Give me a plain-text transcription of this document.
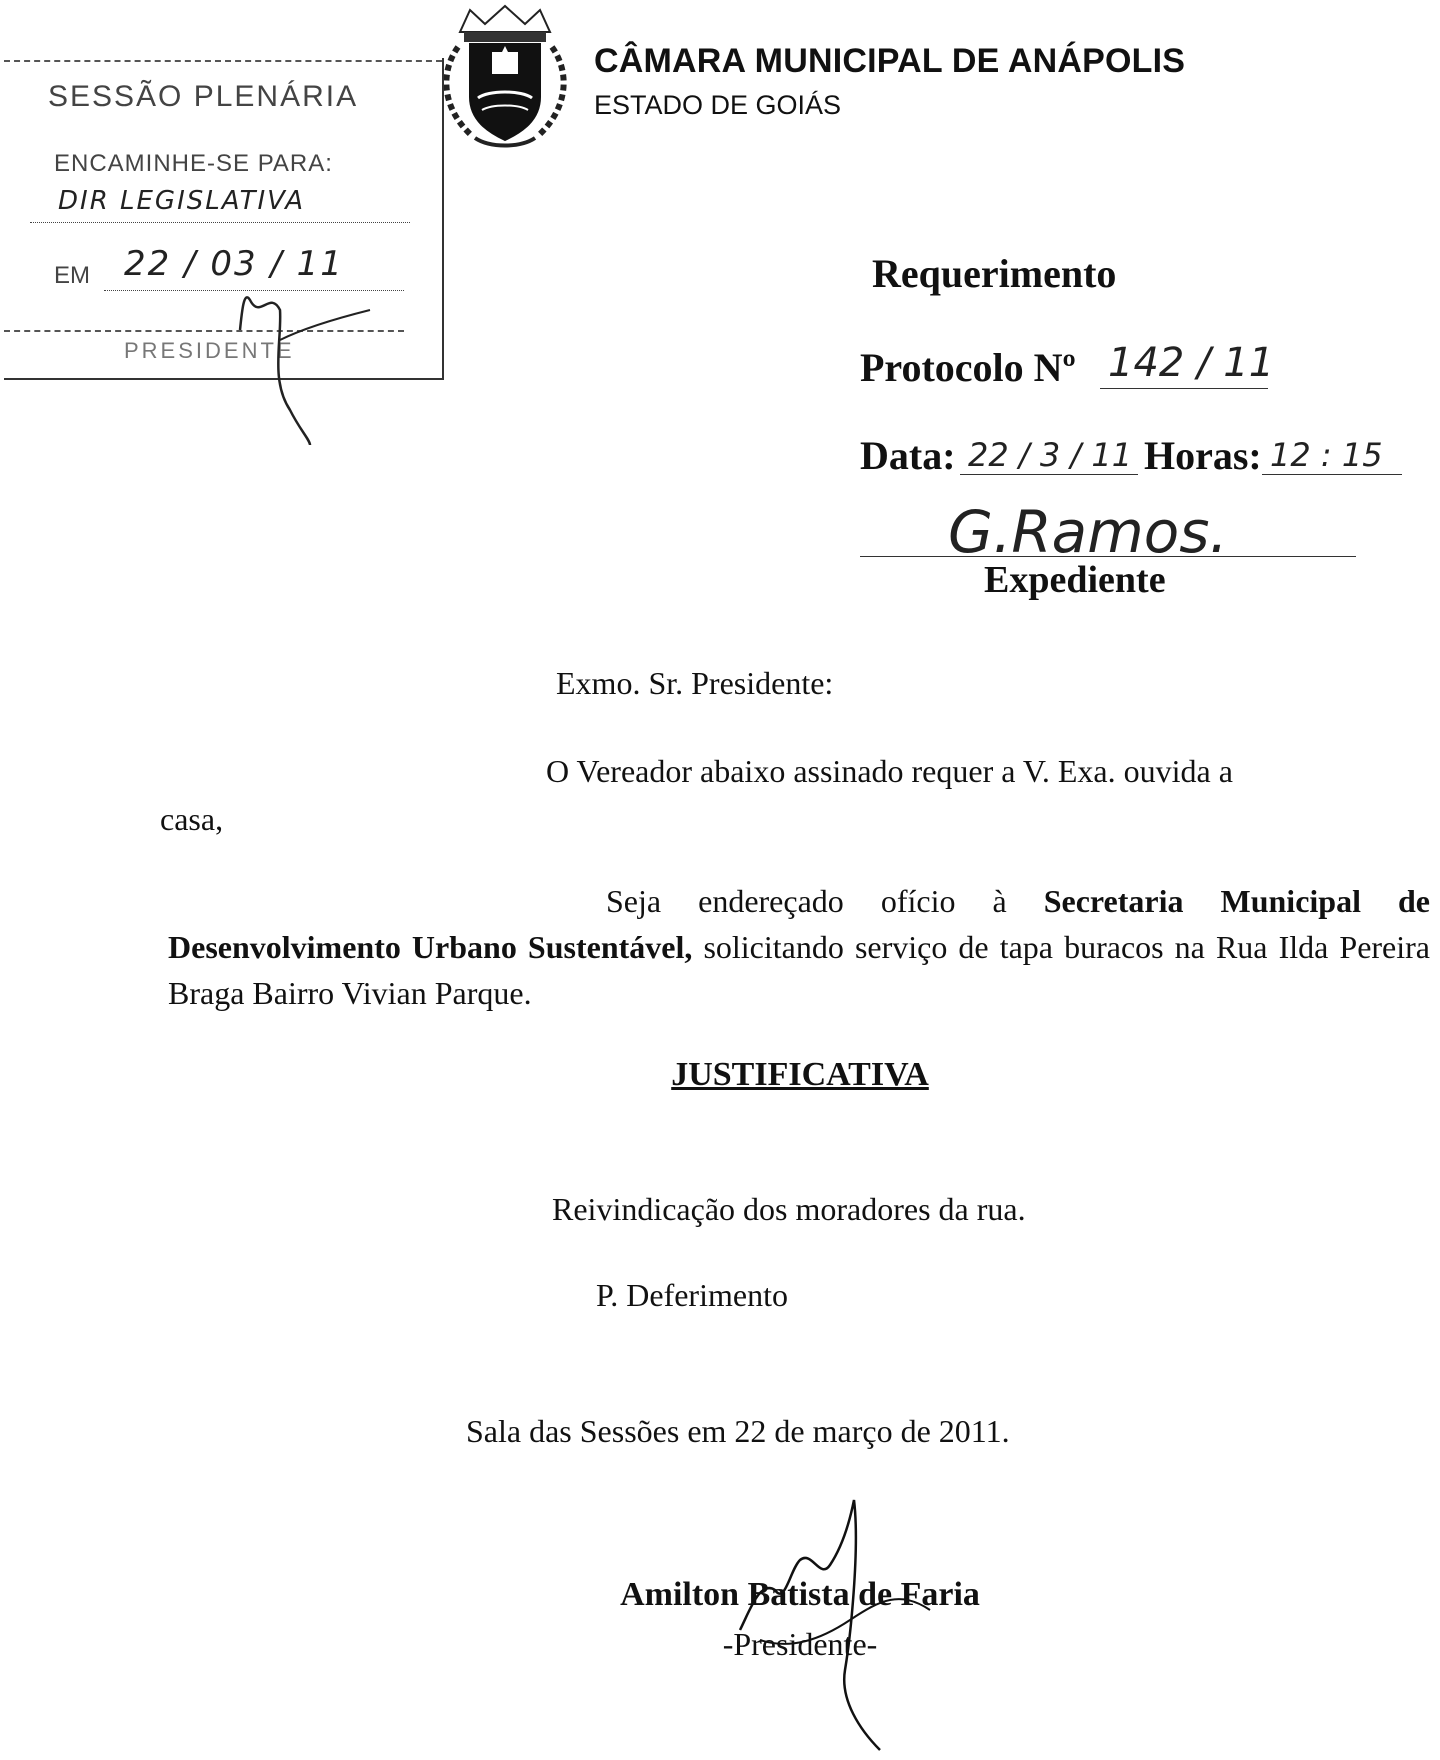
CÂMARA MUNICIPAL DE ANÁPOLIS
ESTADO DE GOIÁS
SESSÃO PLENÁRIA
ENCAMINHE-SE PARA:
DIR LEGISLATIVA
EM 22 / 03 / 11
PRESIDENTE
Requerimento
Protocolo Nº 142 / 11
Data: 22 / 3 / 11 Horas: 12 : 15
G.Ramos.
Expediente
Exmo. Sr. Presidente:
O Vereador abaixo assinado requer a V. Exa. ouvida a
casa,
Seja endereçado ofício à Secretaria Municipal de Desenvolvimento Urbano Sustentável, solicitando serviço de tapa buracos na Rua Ilda Pereira Braga Bairro Vivian Parque.
JUSTIFICATIVA
Reivindicação dos moradores da rua.
P. Deferimento
Sala das Sessões em 22 de março de 2011.
Amilton Batista de Faria
-Presidente-
